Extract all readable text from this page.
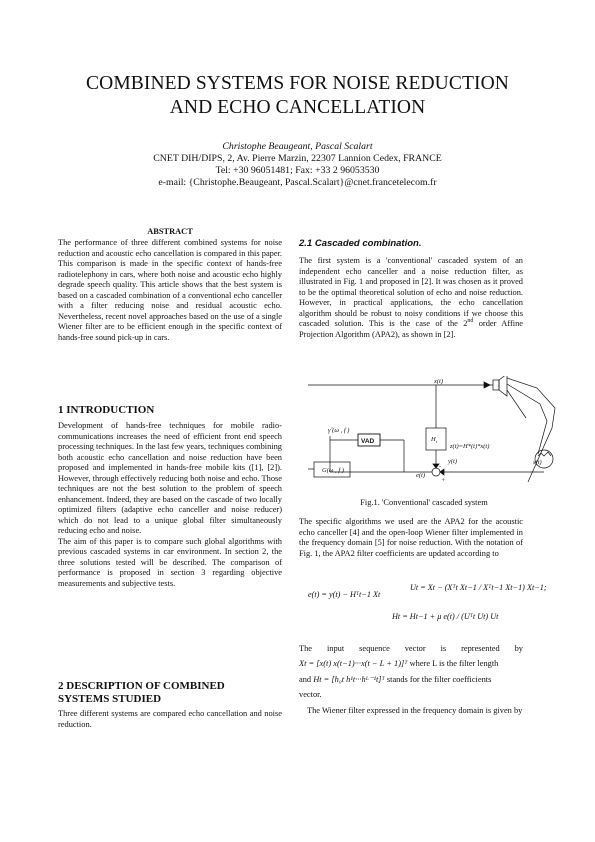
COMBINED SYSTEMS FOR NOISE REDUCTION
AND ECHO CANCELLATION
Christophe Beaugeant, Pascal Scalart
CNET DIH/DIPS, 2, Av. Pierre Marzin, 22307 Lannion Cedex, FRANCE
Tel: +30 96051481; Fax: +33 2 96053530
e-mail: {Christophe.Beaugeant, Pascal.Scalart}@cnet.francetelecom.fr
ABSTRACT
The performance of three different combined systems for noise reduction and acoustic echo cancellation is compared in this paper. This comparison is made in the specific context of hands-free radiotelephony in cars, where both noise and acoustic echo highly degrade speech quality. This article shows that the best system is based on a cascaded combination of a conventional echo canceller with a filter reducing noise and residual acoustic echo. Nevertheless, recent novel approaches based on the use of a single Wiener filter are to be efficient enough in the specific context of hands-free sound pick-up in cars.
1 INTRODUCTION

Development of hands-free techniques for mobile radio-communications increases the need of efficient front end speech processing techniques. In the last few years, techniques combining both acoustic echo cancellation and noise reduction have been proposed and implemented in hands-free mobile kits ([1], [2]). However, through effectively reducing both noise and echo. Those techniques are not the best solution to the problem of speech enhancement. Indeed, they are based on the cascade of two locally optimized filters (adaptive echo canceller and noise reducer) which do not lead to a unique global filter simultaneously reducing echo and noise.

The aim of this paper is to compare such global algorithms with previous cascaded systems in car environment. In section 2, the three solutions tested will be described. The comparison of performance is proposed in section 3 regarding objective measurements and subjective tests.

2 DESCRIPTION OF COMBINED
SYSTEMS STUDIED

Three different systems are compared echo cancellation and noise reduction.

2.1 Cascaded combination.

The first system is a 'conventional' cascaded system of an independent echo canceller and a noise reduction filter, as illustrated in Fig. 1 and proposed in [2]. It was chosen as it proved to be the optimal theoretical solution of echo and noise reduction. However, in practical applications, the echo cancellation algorithm should be robust to noisy conditions if we choose this cascaded solution. This is the case of the 2nd order Affine Projection Algorithm (APA2), as shown in [2].

x(t)
s(t)
y(t)
z(t)=H*(t)*x(t)
e(t)
γ̂ (ω , f )
G(ω , f )
H t
+
-
VAD
Fig.1. 'Conventional' cascaded system
The specific algorithms we used are the APA2 for the acoustic echo canceller [4] and the open-loop Wiener filter implemented in the frequency domain [5] for noise reduction. With the notation of Fig. 1, the APA2 filter coefficients are updated according to
e(t) = y(t) − Hᵀt−1 Xt
Ut = Xt − (Xᵀt Xt−1 / Xᵀt−1 Xt−1) Xt−1;
Ht = Ht−1 + μ e(t) / (Uᵀt Ut) Ut

The input sequence vector is represented by

Xt = [x(t) x(t−1)···x(t − L + 1)]ᵀ where L is the filter length

and Ht = [h₀t h¹t···hᴸ⁻¹t]ᵀ stands for the filter coefficients

vector.

The Wiener filter expressed in the frequency domain is given by
